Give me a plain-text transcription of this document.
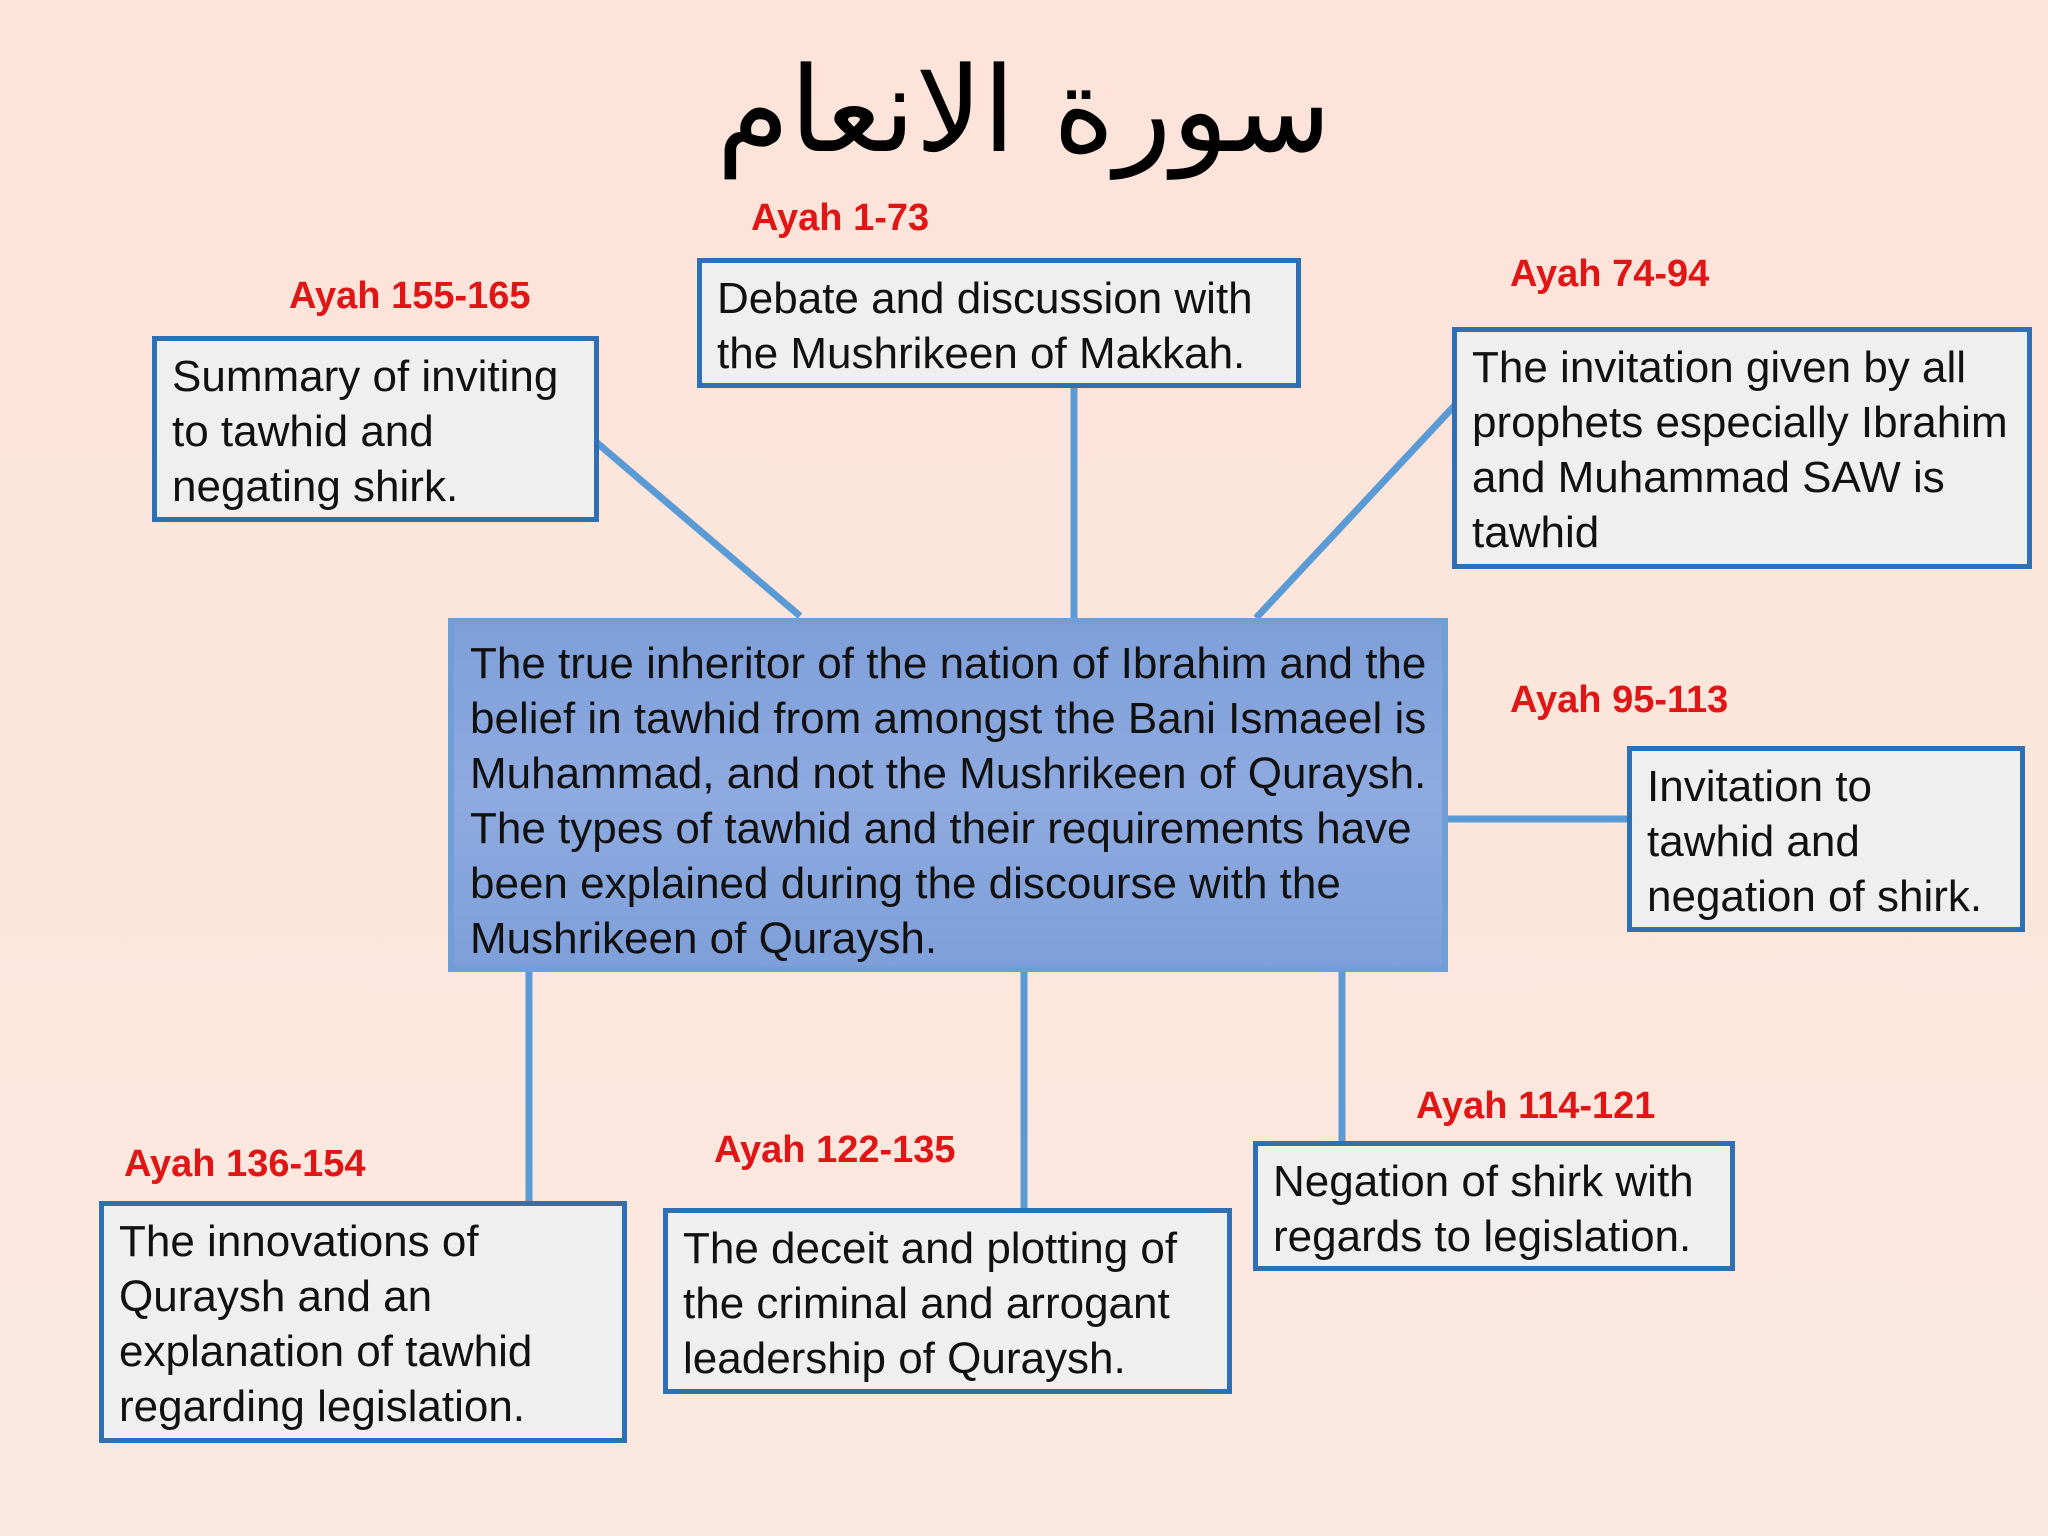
سورة الانعام
Ayah 1-73
Ayah 155-165
Ayah 74-94
Ayah 95-113
Ayah 114-121
Ayah 122-135
Ayah 136-154
Debate and discussion with the Mushrikeen of Makkah.
Summary of inviting to tawhid and negating shirk.
The invitation given by all prophets especially Ibrahim and Muhammad SAW is tawhid
The true inheritor of the nation of Ibrahim and the belief in tawhid from amongst the Bani Ismaeel is Muhammad, and not the Mushrikeen of Quraysh. The types of tawhid and their requirements have been explained during the discourse with the Mushrikeen of Quraysh.
Invitation to tawhid and negation of shirk.
Negation of shirk with regards to legislation.
The deceit and plotting of the criminal and arrogant leadership of Quraysh.
The innovations of Quraysh and an explanation of tawhid regarding legislation.
